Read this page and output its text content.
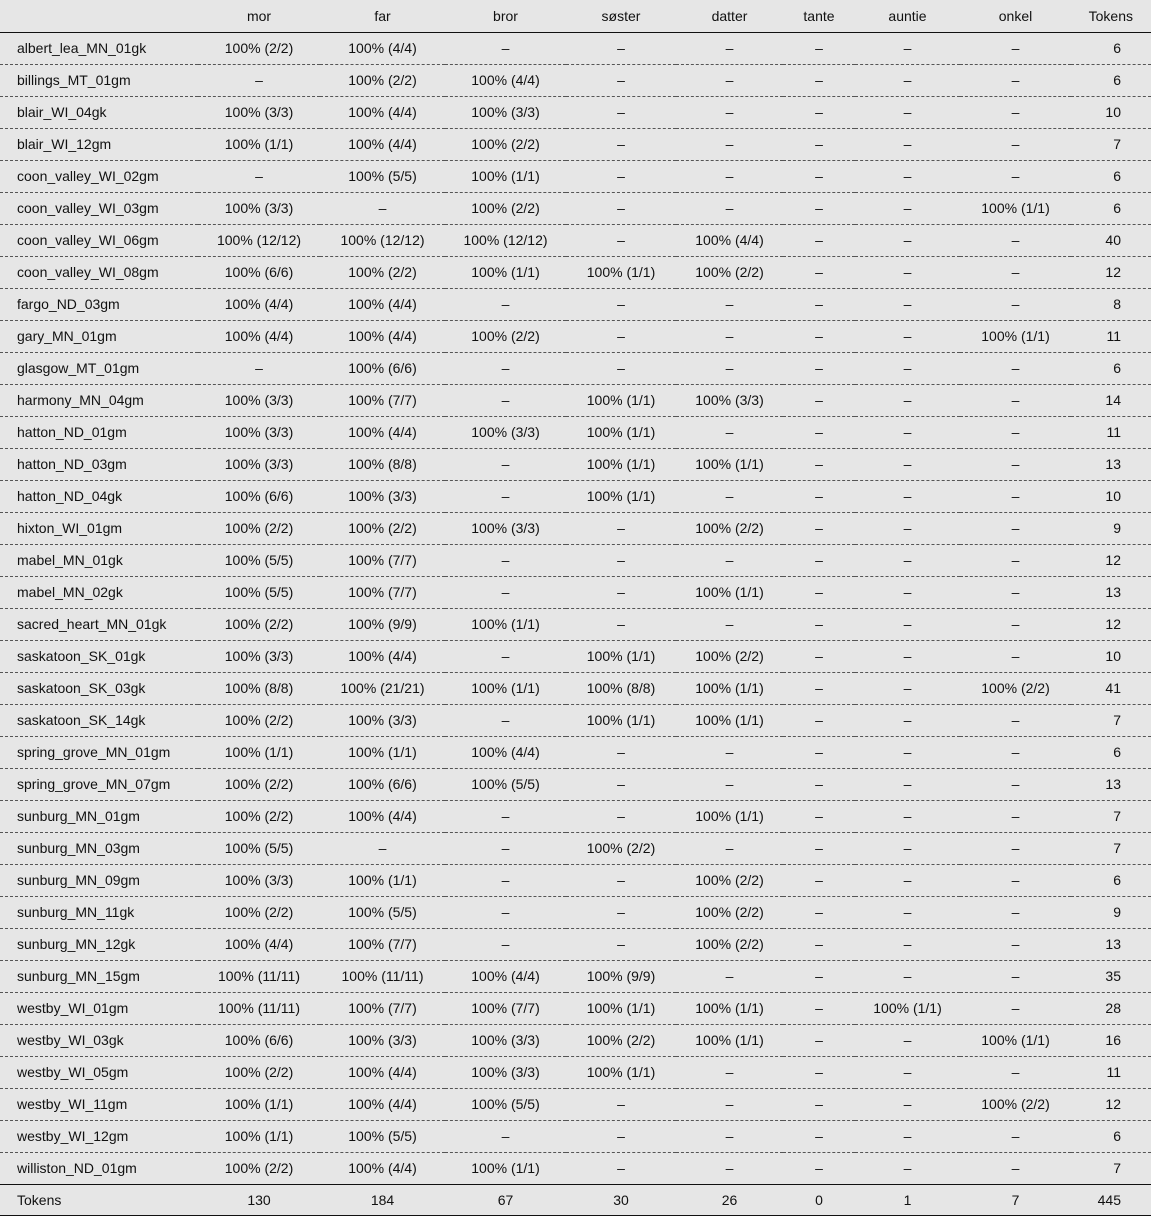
	mor	far	bror	søster	datter	tante	auntie	onkel	Tokens
albert_lea_MN_01gk	100% (2/2)	100% (4/4)	–	–	–	–	–	–	6
billings_MT_01gm	–	100% (2/2)	100% (4/4)	–	–	–	–	–	6
blair_WI_04gk	100% (3/3)	100% (4/4)	100% (3/3)	–	–	–	–	–	10
blair_WI_12gm	100% (1/1)	100% (4/4)	100% (2/2)	–	–	–	–	–	7
coon_valley_WI_02gm	–	100% (5/5)	100% (1/1)	–	–	–	–	–	6
coon_valley_WI_03gm	100% (3/3)	–	100% (2/2)	–	–	–	–	100% (1/1)	6
coon_valley_WI_06gm	100% (12/12)	100% (12/12)	100% (12/12)	–	100% (4/4)	–	–	–	40
coon_valley_WI_08gm	100% (6/6)	100% (2/2)	100% (1/1)	100% (1/1)	100% (2/2)	–	–	–	12
fargo_ND_03gm	100% (4/4)	100% (4/4)	–	–	–	–	–	–	8
gary_MN_01gm	100% (4/4)	100% (4/4)	100% (2/2)	–	–	–	–	100% (1/1)	11
glasgow_MT_01gm	–	100% (6/6)	–	–	–	–	–	–	6
harmony_MN_04gm	100% (3/3)	100% (7/7)	–	100% (1/1)	100% (3/3)	–	–	–	14
hatton_ND_01gm	100% (3/3)	100% (4/4)	100% (3/3)	100% (1/1)	–	–	–	–	11
hatton_ND_03gm	100% (3/3)	100% (8/8)	–	100% (1/1)	100% (1/1)	–	–	–	13
hatton_ND_04gk	100% (6/6)	100% (3/3)	–	100% (1/1)	–	–	–	–	10
hixton_WI_01gm	100% (2/2)	100% (2/2)	100% (3/3)	–	100% (2/2)	–	–	–	9
mabel_MN_01gk	100% (5/5)	100% (7/7)	–	–	–	–	–	–	12
mabel_MN_02gk	100% (5/5)	100% (7/7)	–	–	100% (1/1)	–	–	–	13
sacred_heart_MN_01gk	100% (2/2)	100% (9/9)	100% (1/1)	–	–	–	–	–	12
saskatoon_SK_01gk	100% (3/3)	100% (4/4)	–	100% (1/1)	100% (2/2)	–	–	–	10
saskatoon_SK_03gk	100% (8/8)	100% (21/21)	100% (1/1)	100% (8/8)	100% (1/1)	–	–	100% (2/2)	41
saskatoon_SK_14gk	100% (2/2)	100% (3/3)	–	100% (1/1)	100% (1/1)	–	–	–	7
spring_grove_MN_01gm	100% (1/1)	100% (1/1)	100% (4/4)	–	–	–	–	–	6
spring_grove_MN_07gm	100% (2/2)	100% (6/6)	100% (5/5)	–	–	–	–	–	13
sunburg_MN_01gm	100% (2/2)	100% (4/4)	–	–	100% (1/1)	–	–	–	7
sunburg_MN_03gm	100% (5/5)	–	–	100% (2/2)	–	–	–	–	7
sunburg_MN_09gm	100% (3/3)	100% (1/1)	–	–	100% (2/2)	–	–	–	6
sunburg_MN_11gk	100% (2/2)	100% (5/5)	–	–	100% (2/2)	–	–	–	9
sunburg_MN_12gk	100% (4/4)	100% (7/7)	–	–	100% (2/2)	–	–	–	13
sunburg_MN_15gm	100% (11/11)	100% (11/11)	100% (4/4)	100% (9/9)	–	–	–	–	35
westby_WI_01gm	100% (11/11)	100% (7/7)	100% (7/7)	100% (1/1)	100% (1/1)	–	100% (1/1)	–	28
westby_WI_03gk	100% (6/6)	100% (3/3)	100% (3/3)	100% (2/2)	100% (1/1)	–	–	100% (1/1)	16
westby_WI_05gm	100% (2/2)	100% (4/4)	100% (3/3)	100% (1/1)	–	–	–	–	11
westby_WI_11gm	100% (1/1)	100% (4/4)	100% (5/5)	–	–	–	–	100% (2/2)	12
westby_WI_12gm	100% (1/1)	100% (5/5)	–	–	–	–	–	–	6
williston_ND_01gm	100% (2/2)	100% (4/4)	100% (1/1)	–	–	–	–	–	7
Tokens	130	184	67	30	26	0	1	7	445
